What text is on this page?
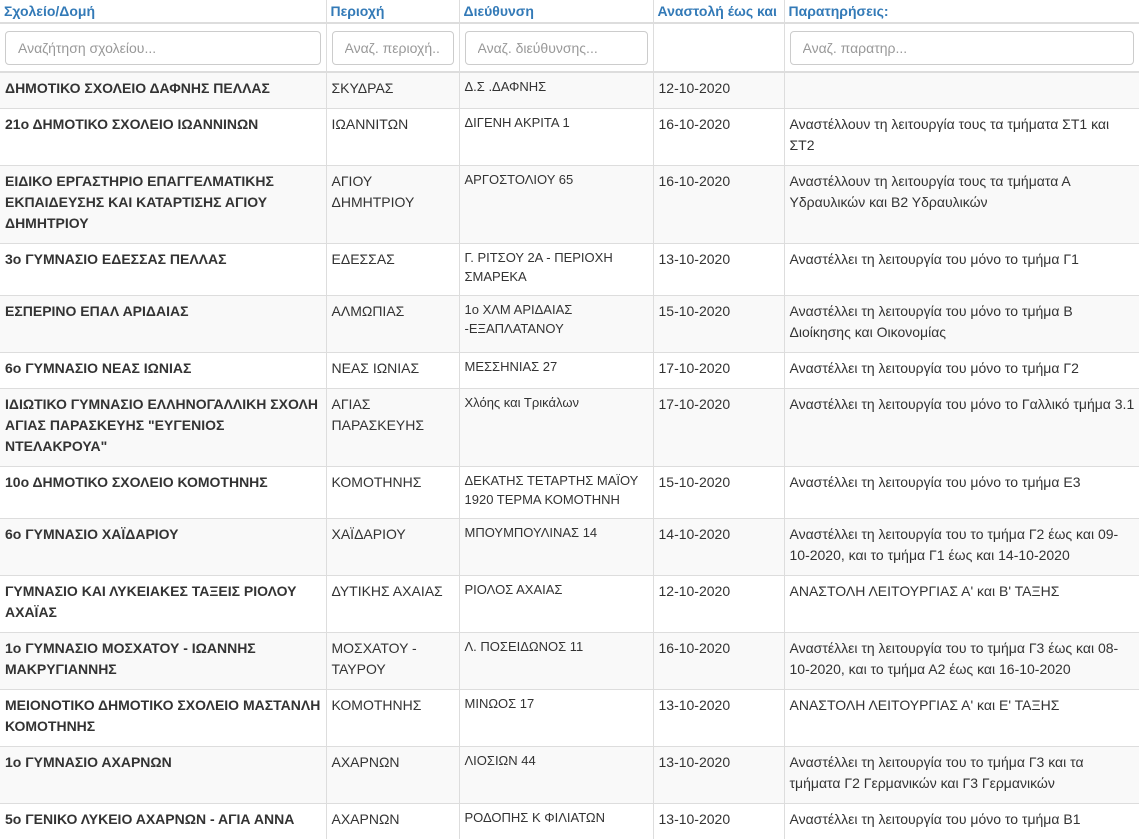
Σχολείο/Δομή	Περιοχή	Διεύθυνση	Αναστολή έως και	Παρατηρήσεις:
Αναζήτηση σχολείου...	Αναζ. περιοχή..	Αναζ. διεύθυνσης...		Αναζ. παρατηρ...
ΔΗΜΟΤΙΚΟ ΣΧΟΛΕΙΟ ΔΑΦΝΗΣ ΠΕΛΛΑΣ	ΣΚΥΔΡΑΣ	Δ.Σ .ΔΑΦΝΗΣ	12-10-2020	
21ο ΔΗΜΟΤΙΚΟ ΣΧΟΛΕΙΟ ΙΩΑΝΝΙΝΩΝ	ΙΩΑΝΝΙΤΩΝ	ΔΙΓΕΝΗ ΑΚΡΙΤΑ 1	16-10-2020	Αναστέλλουν τη λειτουργία τους τα τμήματα ΣΤ1 και ΣΤ2
ΕΙΔΙΚΟ ΕΡΓΑΣΤΗΡΙΟ ΕΠΑΓΓΕΛΜΑΤΙΚΗΣ ΕΚΠΑΙΔΕΥΣΗΣ ΚΑΙ ΚΑΤΑΡΤΙΣΗΣ ΑΓΙΟΥ ΔΗΜΗΤΡΙΟΥ	ΑΓΙΟΥ ΔΗΜΗΤΡΙΟΥ	ΑΡΓΟΣΤΟΛΙΟΥ 65	16-10-2020	Αναστέλλουν τη λειτουργία τους τα τμήματα Α Υδραυλικών και Β2 Υδραυλικών
3ο ΓΥΜΝΑΣΙΟ ΕΔΕΣΣΑΣ ΠΕΛΛΑΣ	ΕΔΕΣΣΑΣ	Γ. ΡΙΤΣΟΥ 2Α - ΠΕΡΙΟΧΗ ΣΜΑΡΕΚΑ	13-10-2020	Αναστέλλει τη λειτουργία του μόνο το τμήμα Γ1
ΕΣΠΕΡΙΝΟ ΕΠΑΛ ΑΡΙΔΑΙΑΣ	ΑΛΜΩΠΙΑΣ	1ο ΧΛΜ ΑΡΙΔΑΙΑΣ -ΕΞΑΠΛΑΤΑΝΟΥ	15-10-2020	Αναστέλλει τη λειτουργία του μόνο το τμήμα Β Διοίκησης και Οικονομίας
6ο ΓΥΜΝΑΣΙΟ ΝΕΑΣ ΙΩΝΙΑΣ	ΝΕΑΣ ΙΩΝΙΑΣ	ΜΕΣΣΗΝΙΑΣ 27	17-10-2020	Αναστέλλει τη λειτουργία του μόνο το τμήμα Γ2
ΙΔΙΩΤΙΚΟ ΓΥΜΝΑΣΙΟ ΕΛΛΗΝΟΓΑΛΛΙΚΗ ΣΧΟΛΗ ΑΓΙΑΣ ΠΑΡΑΣΚΕΥΗΣ "ΕΥΓΕΝΙΟΣ ΝΤΕΛΑΚΡΟΥΑ"	ΑΓΙΑΣ ΠΑΡΑΣΚΕΥΗΣ	Χλόης και Τρικάλων	17-10-2020	Αναστέλλει τη λειτουργία του μόνο το Γαλλικό τμήμα 3.1
10ο ΔΗΜΟΤΙΚΟ ΣΧΟΛΕΙΟ ΚΟΜΟΤΗΝΗΣ	ΚΟΜΟΤΗΝΗΣ	ΔΕΚΑΤΗΣ ΤΕΤΑΡΤΗΣ ΜΑΪΟΥ 1920 ΤΕΡΜΑ ΚΟΜΟΤΗΝΗ	15-10-2020	Αναστέλλει τη λειτουργία του μόνο το τμήμα Ε3
6ο ΓΥΜΝΑΣΙΟ ΧΑΪΔΑΡΙΟΥ	ΧΑΪΔΑΡΙΟΥ	ΜΠΟΥΜΠΟΥΛΙΝΑΣ 14	14-10-2020	Αναστέλλει τη λειτουργία του το τμήμα Γ2 έως και 09-10-2020, και το τμήμα Γ1 έως και 14-10-2020
ΓΥΜΝΑΣΙΟ ΚΑΙ ΛΥΚΕΙΑΚΕΣ ΤΑΞΕΙΣ ΡΙΟΛΟΥ ΑΧΑΪΑΣ	ΔΥΤΙΚΗΣ ΑΧΑΙΑΣ	ΡΙΟΛΟΣ ΑΧΑΙΑΣ	12-10-2020	ΑΝΑΣΤΟΛΗ ΛΕΙΤΟΥΡΓΙΑΣ Α' και Β' ΤΑΞΗΣ
1ο ΓΥΜΝΑΣΙΟ ΜΟΣΧΑΤΟΥ - ΙΩΑΝΝΗΣ ΜΑΚΡΥΓΙΑΝΝΗΣ	ΜΟΣΧΑΤΟΥ - ΤΑΥΡΟΥ	Λ. ΠΟΣΕΙΔΩΝΟΣ 11	16-10-2020	Αναστέλλει τη λειτουργία του το τμήμα Γ3 έως και 08-10-2020, και το τμήμα Α2 έως και 16-10-2020
ΜΕΙΟΝΟΤΙΚΟ ΔΗΜΟΤΙΚΟ ΣΧΟΛΕΙΟ ΜΑΣΤΑΝΛΗ ΚΟΜΟΤΗΝΗΣ	ΚΟΜΟΤΗΝΗΣ	ΜΙΝΩΟΣ 17	13-10-2020	ΑΝΑΣΤΟΛΗ ΛΕΙΤΟΥΡΓΙΑΣ Α' και Ε' ΤΑΞΗΣ
1ο ΓΥΜΝΑΣΙΟ ΑΧΑΡΝΩΝ	ΑΧΑΡΝΩΝ	ΛΙΟΣΙΩΝ 44	13-10-2020	Αναστέλλει τη λειτουργία του το τμήμα Γ3 και τα τμήματα Γ2 Γερμανικών και Γ3 Γερμανικών
5ο ΓΕΝΙΚΟ ΛΥΚΕΙΟ ΑΧΑΡΝΩΝ - ΑΓΙΑ ΑΝΝΑ	ΑΧΑΡΝΩΝ	ΡΟΔΟΠΗΣ Κ ΦΙΛΙΑΤΩΝ	13-10-2020	Αναστέλλει τη λειτουργία του μόνο το τμήμα Β1
